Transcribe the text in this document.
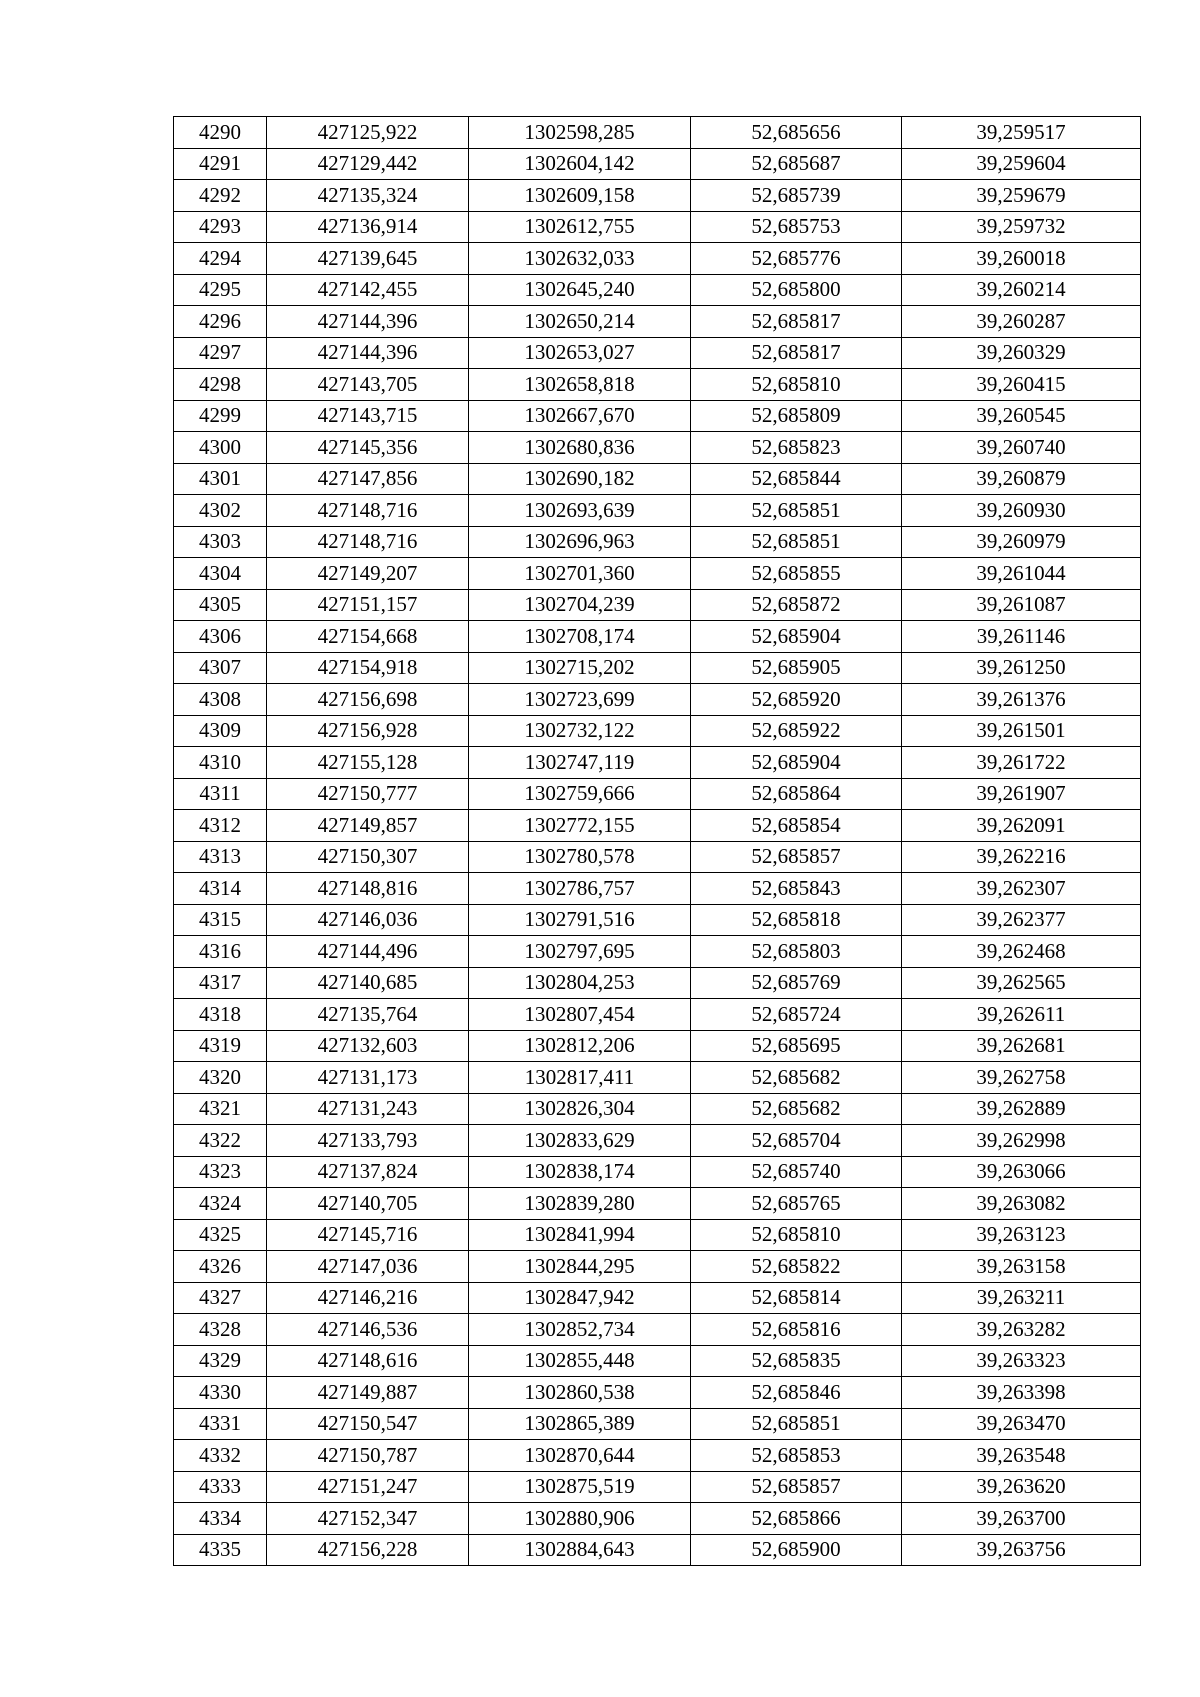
4290	427125,922	1302598,285	52,685656	39,259517
4291	427129,442	1302604,142	52,685687	39,259604
4292	427135,324	1302609,158	52,685739	39,259679
4293	427136,914	1302612,755	52,685753	39,259732
4294	427139,645	1302632,033	52,685776	39,260018
4295	427142,455	1302645,240	52,685800	39,260214
4296	427144,396	1302650,214	52,685817	39,260287
4297	427144,396	1302653,027	52,685817	39,260329
4298	427143,705	1302658,818	52,685810	39,260415
4299	427143,715	1302667,670	52,685809	39,260545
4300	427145,356	1302680,836	52,685823	39,260740
4301	427147,856	1302690,182	52,685844	39,260879
4302	427148,716	1302693,639	52,685851	39,260930
4303	427148,716	1302696,963	52,685851	39,260979
4304	427149,207	1302701,360	52,685855	39,261044
4305	427151,157	1302704,239	52,685872	39,261087
4306	427154,668	1302708,174	52,685904	39,261146
4307	427154,918	1302715,202	52,685905	39,261250
4308	427156,698	1302723,699	52,685920	39,261376
4309	427156,928	1302732,122	52,685922	39,261501
4310	427155,128	1302747,119	52,685904	39,261722
4311	427150,777	1302759,666	52,685864	39,261907
4312	427149,857	1302772,155	52,685854	39,262091
4313	427150,307	1302780,578	52,685857	39,262216
4314	427148,816	1302786,757	52,685843	39,262307
4315	427146,036	1302791,516	52,685818	39,262377
4316	427144,496	1302797,695	52,685803	39,262468
4317	427140,685	1302804,253	52,685769	39,262565
4318	427135,764	1302807,454	52,685724	39,262611
4319	427132,603	1302812,206	52,685695	39,262681
4320	427131,173	1302817,411	52,685682	39,262758
4321	427131,243	1302826,304	52,685682	39,262889
4322	427133,793	1302833,629	52,685704	39,262998
4323	427137,824	1302838,174	52,685740	39,263066
4324	427140,705	1302839,280	52,685765	39,263082
4325	427145,716	1302841,994	52,685810	39,263123
4326	427147,036	1302844,295	52,685822	39,263158
4327	427146,216	1302847,942	52,685814	39,263211
4328	427146,536	1302852,734	52,685816	39,263282
4329	427148,616	1302855,448	52,685835	39,263323
4330	427149,887	1302860,538	52,685846	39,263398
4331	427150,547	1302865,389	52,685851	39,263470
4332	427150,787	1302870,644	52,685853	39,263548
4333	427151,247	1302875,519	52,685857	39,263620
4334	427152,347	1302880,906	52,685866	39,263700
4335	427156,228	1302884,643	52,685900	39,263756
